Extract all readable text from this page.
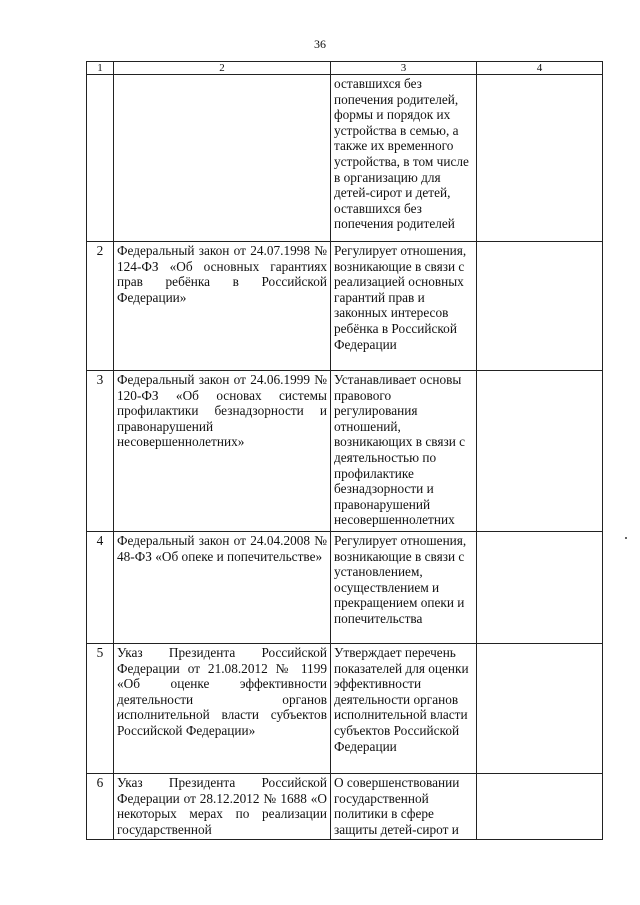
36
1	2	3	4
		оставшихся без попечения родителей, формы и порядок их устройства в семью, а также их временного устройства, в том числе в организацию для детей-сирот и детей, оставшихся без попечения родителей	
2	Федеральный закон от 24.07.1998 № 124-ФЗ «Об основных гарантиях прав ребёнка в Российской Федерации»	Регулирует отношения, возникающие в связи с реализацией основных гарантий прав и законных интересов ребёнка в Российской Федерации	
3	Федеральный закон от 24.06.1999 № 120-ФЗ «Об основах системы профилактики безнадзорности и правонарушений несовершеннолетних»	Устанавливает основы правового регулирования отношений, возникающих в связи с деятельностью по профилактике безнадзорности и правонарушений несовершеннолетних	
4	Федеральный закон от 24.04.2008 № 48-ФЗ «Об опеке и попечительстве»	Регулирует отношения, возникающие в связи с установлением, осуществлением и прекращением опеки и попечительства	
5	Указ Президента Российской Федерации от 21.08.2012 № 1199 «Об оценке эффективности деятельности органов исполнительной власти субъектов Российской Федерации»	Утверждает перечень показателей для оценки эффективности деятельности органов исполнительной власти субъектов Российской Федерации	
6	Указ Президента Российской Федерации от 28.12.2012 № 1688 «О некоторых мерах по реализации государственной	О совершенствовании государственной политики в сфере защиты детей-сирот и	
